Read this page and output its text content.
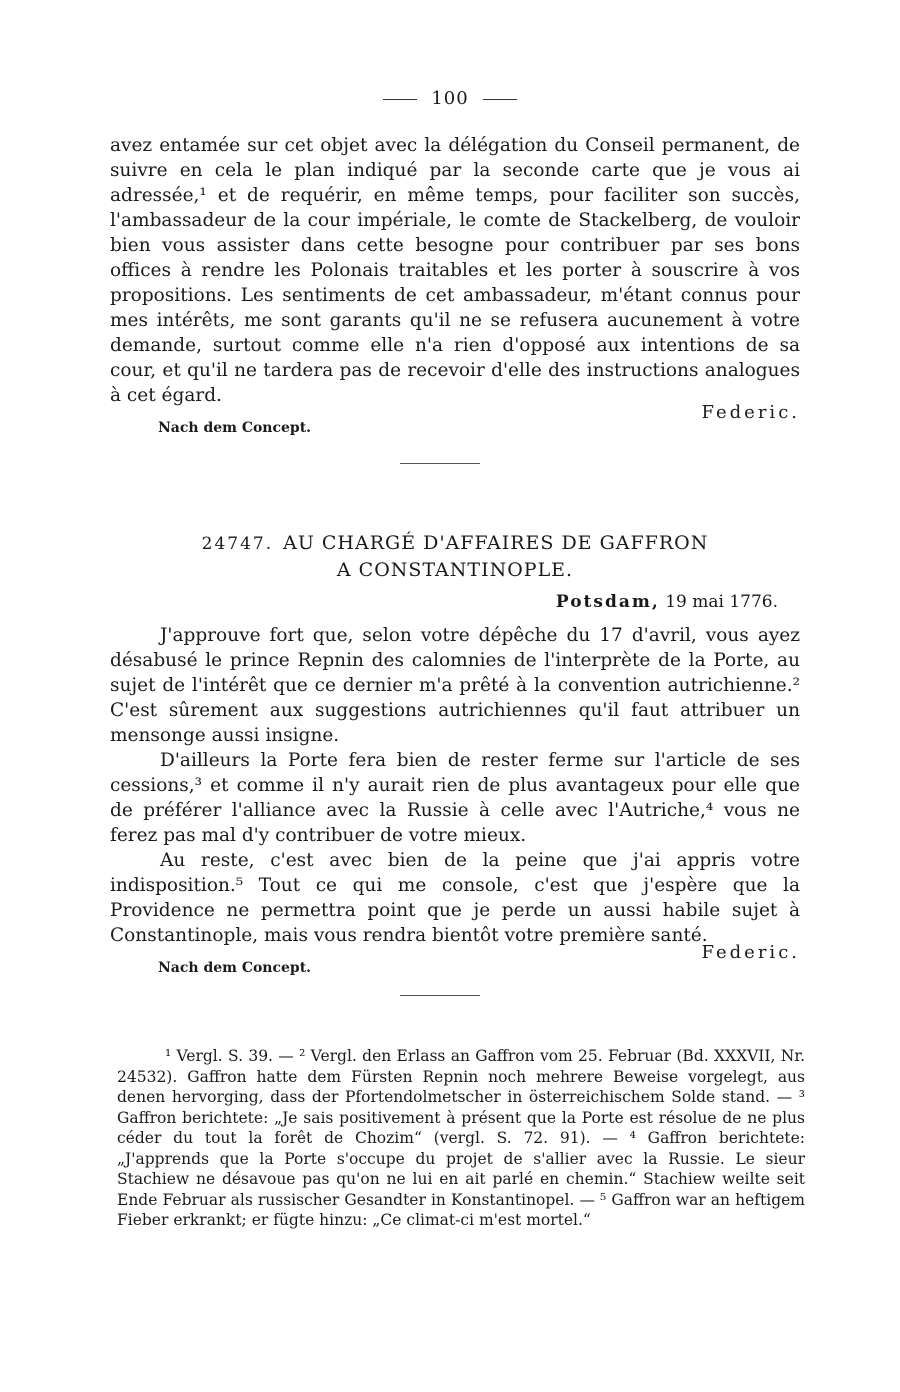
100

avez entamée sur cet objet avec la délégation du Conseil permanent, de suivre en cela le plan indiqué par la seconde carte que je vous ai adressée,¹ et de requérir, en même temps, pour faciliter son succès, l'ambassadeur de la cour impériale, le comte de Stackelberg, de vouloir bien vous assister dans cette besogne pour contribuer par ses bons offices à rendre les Polonais traitables et les porter à souscrire à vos propositions. Les sentiments de cet ambassadeur, m'étant connus pour mes intérêts, me sont garants qu'il ne se refusera aucunement à votre demande, surtout comme elle n'a rien d'opposé aux intentions de sa cour, et qu'il ne tardera pas de recevoir d'elle des instructions analogues à cet égard.

Federic.
Nach dem Concept.
24747. AU CHARGÉ D'AFFAIRES DE GAFFRON
A CONSTANTINOPLE.
Potsdam, 19 mai 1776.

J'approuve fort que, selon votre dépêche du 17 d'avril, vous ayez désabusé le prince Repnin des calomnies de l'interprète de la Porte, au sujet de l'intérêt que ce dernier m'a prêté à la convention autrichienne.² C'est sûrement aux suggestions autrichiennes qu'il faut attribuer un mensonge aussi insigne.

D'ailleurs la Porte fera bien de rester ferme sur l'article de ses cessions,³ et comme il n'y aurait rien de plus avantageux pour elle que de préférer l'alliance avec la Russie à celle avec l'Autriche,⁴ vous ne ferez pas mal d'y contribuer de votre mieux.

Au reste, c'est avec bien de la peine que j'ai appris votre indisposition.⁵ Tout ce qui me console, c'est que j'espère que la Providence ne permettra point que je perde un aussi habile sujet à Constantinople, mais vous rendra bientôt votre première santé.

Federic.
Nach dem Concept.

¹ Vergl. S. 39. — ² Vergl. den Erlass an Gaffron vom 25. Februar (Bd. XXXVII, Nr. 24532). Gaffron hatte dem Fürsten Repnin noch mehrere Beweise vorgelegt, aus denen hervorging, dass der Pfortendolmetscher in österreichischem Solde stand. — ³ Gaffron berichtete: „Je sais positivement à présent que la Porte est résolue de ne plus céder du tout la forêt de Chozim“ (vergl. S. 72. 91). — ⁴ Gaffron berichtete: „J'apprends que la Porte s'occupe du projet de s'allier avec la Russie. Le sieur Stachiew ne désavoue pas qu'on ne lui en ait parlé en chemin.“ Stachiew weilte seit Ende Februar als russischer Gesandter in Konstantinopel. — ⁵ Gaffron war an heftigem Fieber erkrankt; er fügte hinzu: „Ce climat-ci m'est mortel.“
